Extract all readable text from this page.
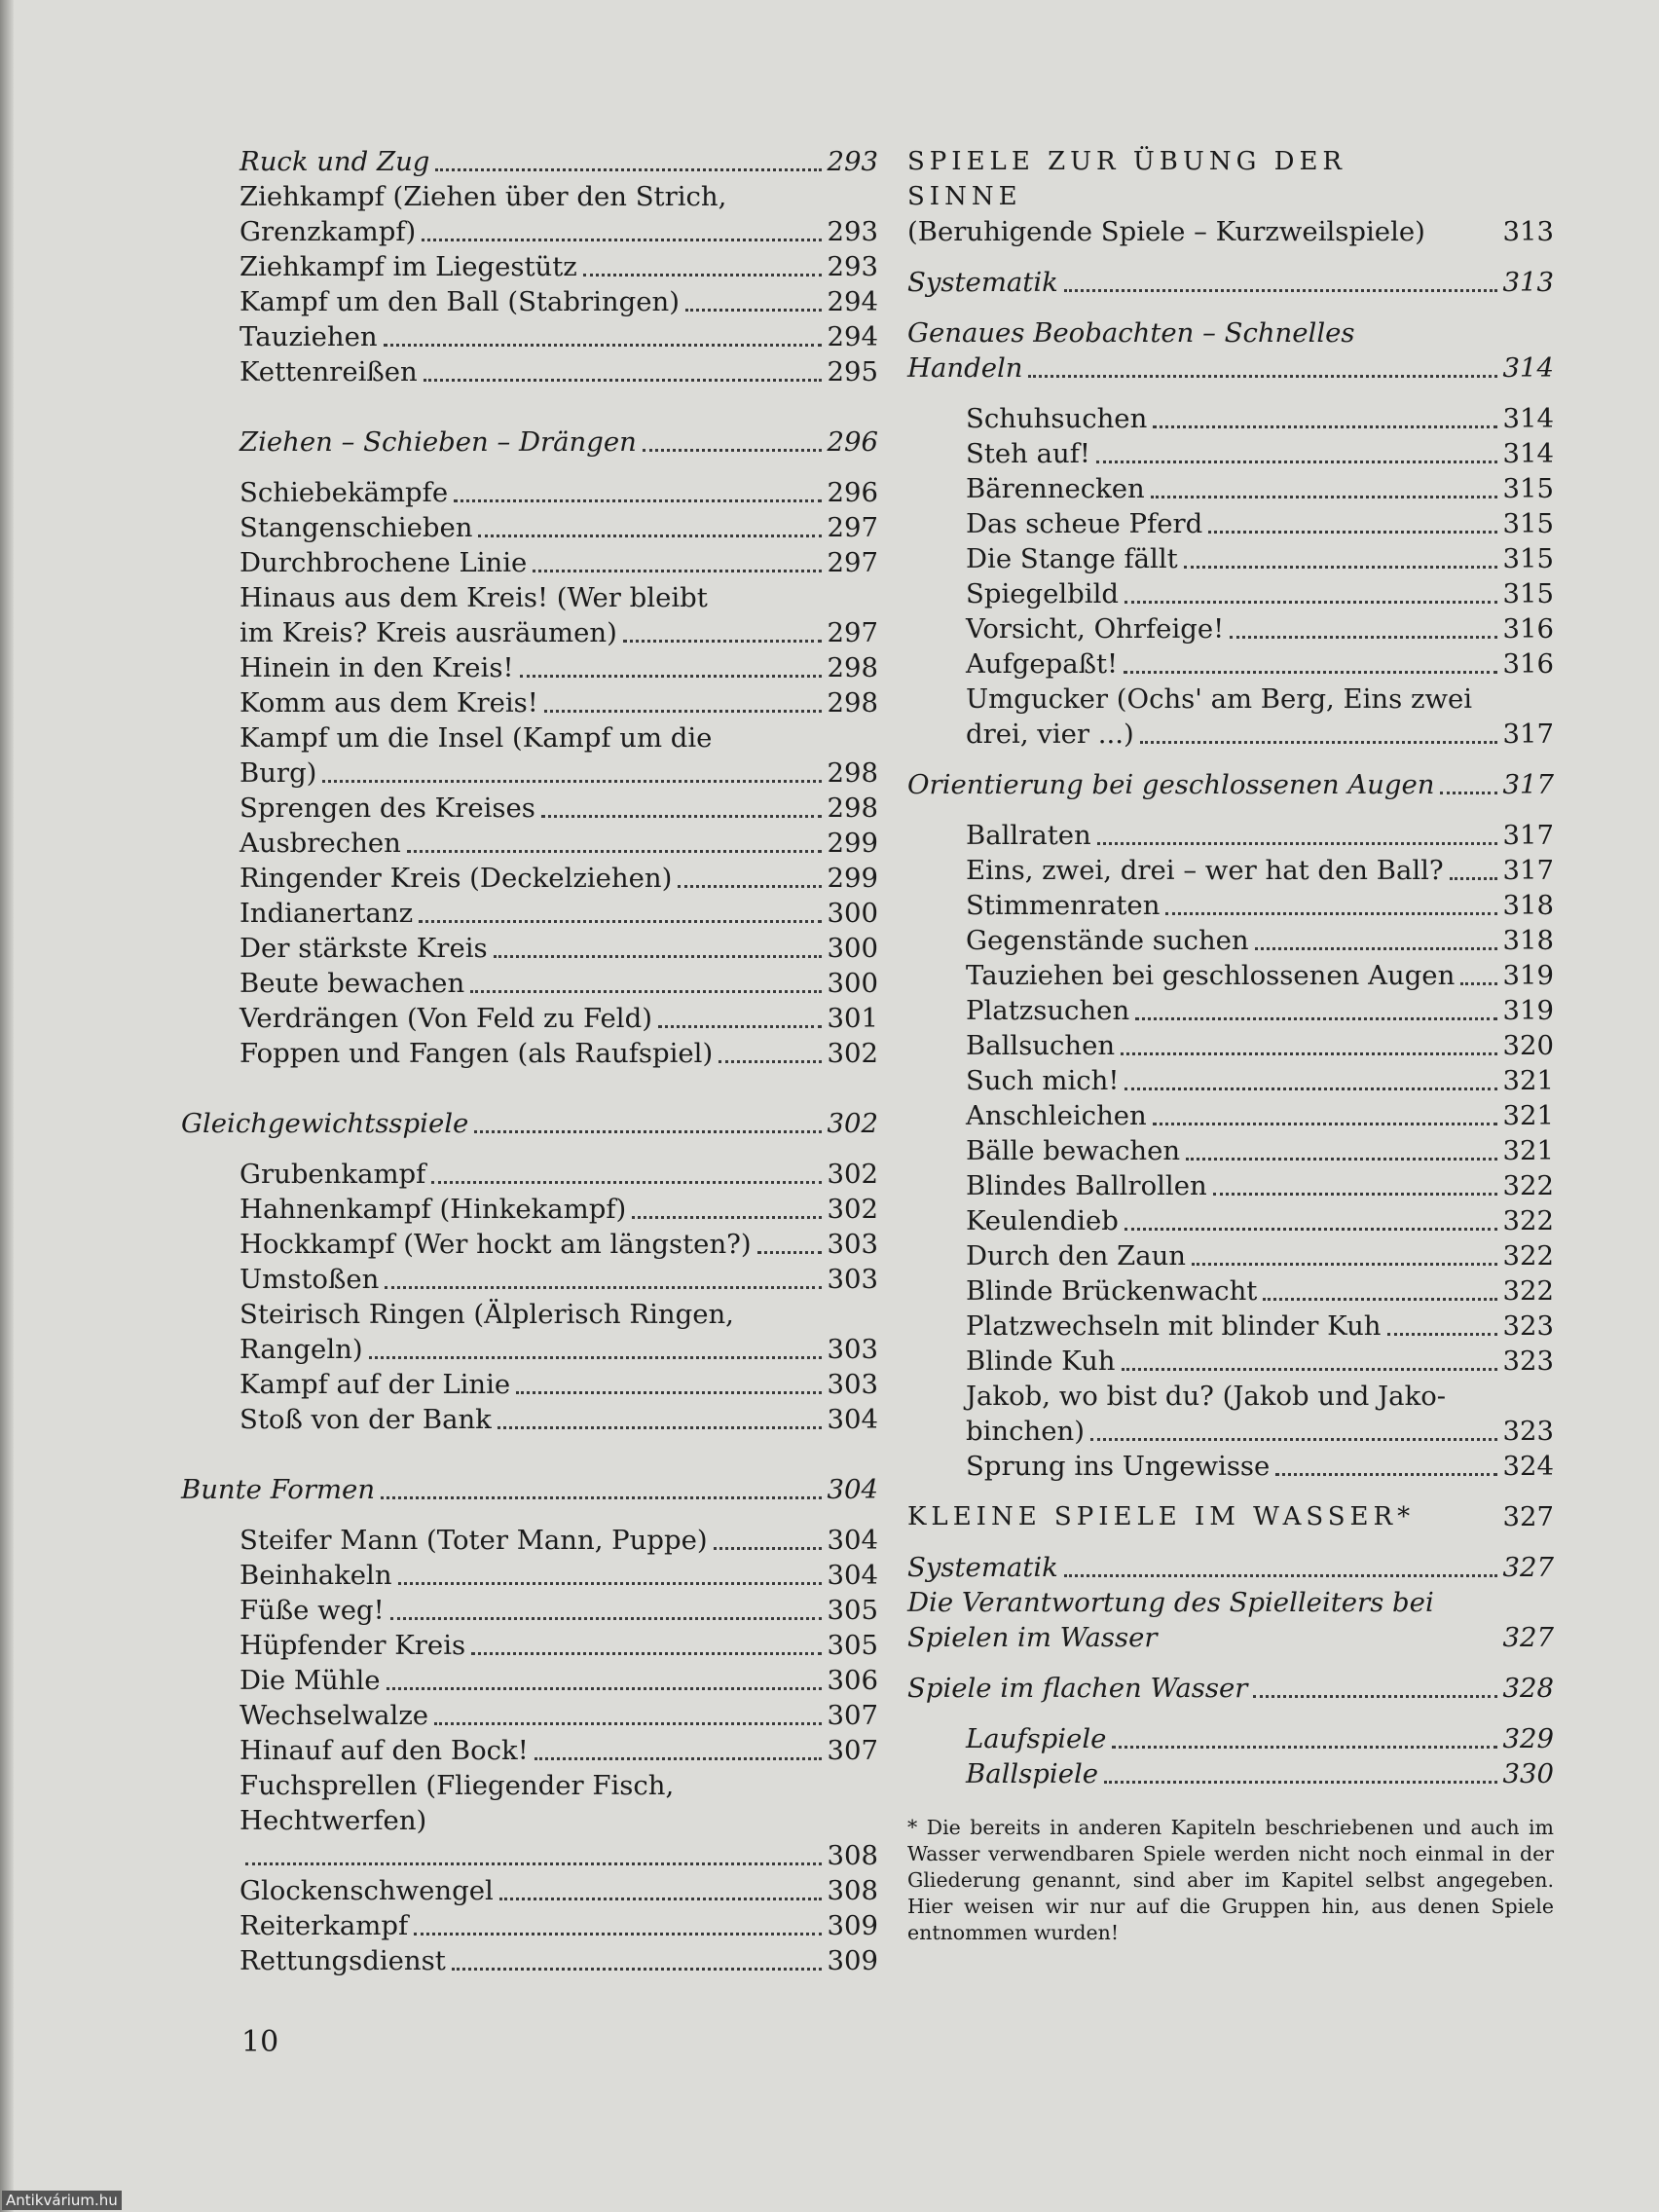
Ruck und Zug	293
Ziehkampf (Ziehen über den Strich,
Grenzkampf)	293
Ziehkampf im Liegestütz	293
Kampf um den Ball (Stabringen)	294
Tauziehen	294
Kettenreißen	295
Ziehen – Schieben – Drängen	296
Schiebekämpfe	296
Stangenschieben	297
Durchbrochene Linie	297
Hinaus aus dem Kreis! (Wer bleibt
im Kreis? Kreis ausräumen)	297
Hinein in den Kreis!	298
Komm aus dem Kreis!	298
Kampf um die Insel (Kampf um die
Burg)	298
Sprengen des Kreises	298
Ausbrechen	299
Ringender Kreis (Deckelziehen)	299
Indianertanz	300
Der stärkste Kreis	300
Beute bewachen	300
Verdrängen (Von Feld zu Feld)	301
Foppen und Fangen (als Raufspiel)	302
Gleichgewichtsspiele	302
Grubenkampf	302
Hahnenkampf (Hinkekampf)	302
Hockkampf (Wer hockt am längsten?)	303
Umstoßen	303
Steirisch Ringen (Älplerisch Ringen,
Rangeln)	303
Kampf auf der Linie	303
Stoß von der Bank	304
Bunte Formen	304
Steifer Mann (Toter Mann, Puppe)	304
Beinhakeln	304
Füße weg!	305
Hüpfender Kreis	305
Die Mühle	306
Wechselwalze	307
Hinauf auf den Bock!	307
Fuchsprellen (Fliegender Fisch,
Hechtwerfen)
308
Glockenschwengel	308
Reiterkampf	309
Rettungsdienst	309
SPIELE ZUR ÜBUNG DER
SINNE
(Beruhigende Spiele – Kurzweilspiele)	313
Systematik	313
Genaues Beobachten – Schnelles
Handeln	314
Schuhsuchen	314
Steh auf!	314
Bärennecken	315
Das scheue Pferd	315
Die Stange fällt	315
Spiegelbild	315
Vorsicht, Ohrfeige!	316
Aufgepaßt!	316
Umgucker (Ochs' am Berg, Eins zwei
drei, vier ...)	317
Orientierung bei geschlossenen Augen	317
Ballraten	317
Eins, zwei, drei – wer hat den Ball? 317
Stimmenraten	318
Gegenstände suchen	318
Tauziehen bei geschlossenen Augen 319
Platzsuchen	319
Ballsuchen	320
Such mich!	321
Anschleichen	321
Bälle bewachen	321
Blindes Ballrollen	322
Keulendieb	322
Durch den Zaun	322
Blinde Brückenwacht	322
Platzwechseln mit blinder Kuh	323
Blinde Kuh	323
Jakob, wo bist du? (Jakob und Jako-
binchen)	323
Sprung ins Ungewisse	324
KLEINE SPIELE IM WASSER*	327
Systematik	327
Die Verantwortung des Spielleiters bei
Spielen im Wasser	327
Spiele im flachen Wasser	328
Laufspiele	329
Ballspiele	330
* Die bereits in anderen Kapiteln beschriebenen und auch im Wasser verwendbaren Spiele werden nicht noch einmal in der Gliederung genannt, sind aber im Kapitel selbst angegeben. Hier weisen wir nur auf die Gruppen hin, aus denen Spiele entnommen wurden!
10
Antikvárium.hu
